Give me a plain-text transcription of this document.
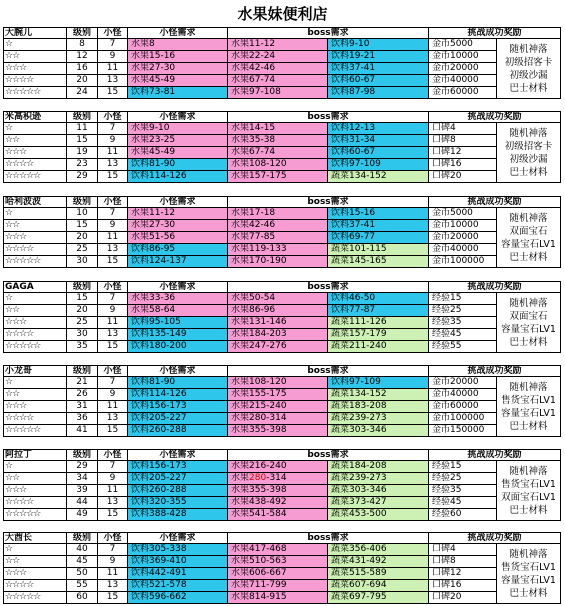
水果妹便利店
大腕儿	级别	小怪	小怪需求	boss需求	挑战成功奖励
☆	8	7	水果8	水果11-12	饮料9-10	金币5000
☆☆	12	9	水果15-16	水果22-24	饮料19-21	金币10000
☆☆☆	16	11	水果27-30	水果42-46	饮料37-41	金币20000
☆☆☆☆	20	13	水果45-49	水果67-74	饮料60-67	金币40000
☆☆☆☆☆	24	15	饮料73-81	水果97-108	饮料87-98	金币60000
随机神落
初级招客卡
初级沙漏
巴士材料
米高积逊	级别	小怪	小怪需求	boss需求	挑战成功奖励
☆	11	7	水果9-10	水果14-15	饮料12-13	口碑4
☆☆	15	9	水果23-25	水果35-38	饮料31-34	口碑8
☆☆☆	19	11	水果45-49	水果67-74	饮料60-67	口碑12
☆☆☆☆	23	13	饮料81-90	水果108-120	饮料97-109	口碑16
☆☆☆☆☆	29	15	饮料114-126	水果157-175	蔬菜134-152	口碑20
随机神落
初级招客卡
初级沙漏
巴士材料
哈利波波	级别	小怪	小怪需求	boss需求	挑战成功奖励
☆	10	7	水果11-12	水果17-18	饮料15-16	金币5000
☆☆	15	9	水果27-30	水果42-46	饮料37-41	金币10000
☆☆☆	20	11	水果51-56	水果77-85	饮料69-77	金币20000
☆☆☆☆	25	13	饮料86-95	水果119-133	蔬菜101-115	金币40000
☆☆☆☆☆	30	15	饮料124-137	水果170-190	蔬菜145-165	金币100000
随机神落
双面宝石
容量宝石LV1
巴士材料
GAGA	级别	小怪	小怪需求	boss需求	挑战成功奖励
☆	15	7	水果33-36	水果50-54	饮料46-50	经验15
☆☆	20	9	水果58-64	水果86-96	饮料77-87	经验25
☆☆☆	25	11	饮料95-105	水果131-146	蔬菜111-126	经验35
☆☆☆☆	30	13	饮料135-149	水果184-203	蔬菜157-179	经验45
☆☆☆☆☆	35	15	饮料180-200	水果247-276	蔬菜211-240	经验55
随机神落
双面宝石
容量宝石LV1
巴士材料
小龙哥	级别	小怪	小怪需求	boss需求	挑战成功奖励
☆	21	7	饮料81-90	水果108-120	饮料97-109	金币20000
☆☆	26	9	饮料114-126	水果155-175	蔬菜134-152	金币40000
☆☆☆	31	11	饮料156-173	水果215-240	蔬菜183-208	金币60000
☆☆☆☆	36	13	饮料205-227	水果280-314	蔬菜239-273	金币100000
☆☆☆☆☆	41	15	饮料260-288	水果355-398	蔬菜303-346	金币150000
随机神落
售货宝石LV1
容量宝石LV1
巴士材料
阿拉丁	级别	小怪	小怪需求	boss需求	挑战成功奖励
☆	29	7	饮料156-173	水果216-240	蔬菜184-208	经验15
☆☆	34	9	饮料205-227	水果280-314	蔬菜239-273	经验25
☆☆☆	39	11	饮料260-288	水果355-398	蔬菜303-346	经验35
☆☆☆☆	44	13	饮料320-355	水果438-492	蔬菜373-427	经验45
☆☆☆☆☆	49	15	饮料388-428	水果541-584	蔬菜453-500	经验60
随机神落
售货宝石LV1
双面宝石LV1
巴士材料
大酋长	级别	小怪	小怪需求	boss需求	挑战成功奖励
☆	40	7	饮料305-338	水果417-468	蔬菜356-406	口碑4
☆☆	45	9	饮料369-410	水果510-563	蔬菜431-492	口碑8
☆☆☆	50	11	饮料442-491	水果606-667	蔬菜515-589	口碑12
☆☆☆☆	55	13	饮料521-578	水果711-799	蔬菜607-694	口碑16
☆☆☆☆☆	60	15	饮料596-662	水果814-915	蔬菜697-795	口碑20
随机神落
售货宝石LV1
容量宝石LV1
巴士材料
